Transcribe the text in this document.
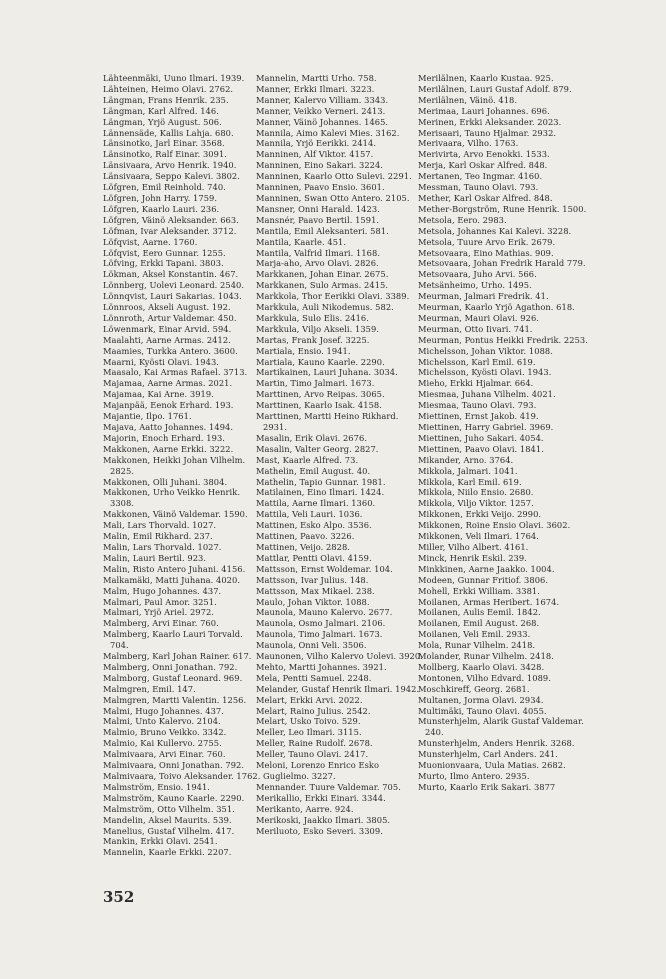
Lähteenmäki, Uuno Ilmari. 1939.
Lähteinen, Heimo Olavi. 2762.
Längman, Frans Henrik. 235.
Längman, Karl Alfred. 146.
Längman, Yrjö August. 506.
Lännensäde, Kallis Lahja. 680.
Länsinotko, Jarl Einar. 3568.
Länsinotko, Ralf Einar. 3091.
Länsivaara, Arvo Henrik. 1940.
Länsivaara, Seppo Kalevi. 3802.
Löfgren, Emil Reinhold. 740.
Löfgren, John Harry. 1759.
Löfgren, Kaarlo Lauri. 236.
Löfgren, Väinö Aleksander. 663.
Löfman, Ivar Aleksander. 3712.
Löfqvist, Aarne. 1760.
Löfqvist, Eero Gunnar. 1255.
Löfving, Erkki Tapani. 3803.
Lökman, Aksel Konstantin. 467.
Lönnberg, Uolevi Leonard. 2540.
Lönnqvist, Lauri Sakarias. 1043.
Lönnroos, Akseli August. 192.
Lönnroth, Artur Valdemar. 450.
Löwenmark, Einar Arvid. 594.
Maalahti, Aarne Armas. 2412.
Maamies, Turkka Antero. 3600.
Maarni, Kyösti Olavi. 1943.
Maasalo, Kai Armas Rafael. 3713.
Majamaa, Aarne Armas. 2021.
Majamaa, Kai Arne. 3919.
Majanpää, Eenok Erhard. 193.
Majantie, Ilpo. 1761.
Majava, Aatto Johannes. 1494.
Majorin, Enoch Erhard. 193.
Makkonen, Aarne Erkki. 3222.
Makkonen, Heikki Johan Vilhelm. 2825.
Makkonen, Olli Juhani. 3804.
Makkonen, Urho Veikko Henrik. 3308.
Makkonen, Väinö Valdemar. 1590.
Mali, Lars Thorvald. 1027.
Malin, Emil Rikhard. 237.
Malin, Lars Thorvald. 1027.
Malin, Lauri Bertil. 923.
Malin, Risto Antero Juhani. 4156.
Malkamäki, Matti Juhana. 4020.
Malm, Hugo Johannes. 437.
Malmari, Paul Amor. 3251.
Malmari, Yrjö Ariel. 2972.
Malmberg, Arvi Einar. 760.
Malmberg, Kaarlo Lauri Torvald. 704.
Malmberg, Karl Johan Rainer. 617.
Malmberg, Onni Jonathan. 792.
Malmborg, Gustaf Leonard. 969.
Malmgren, Emil. 147.
Malmgren, Martti Valentin. 1256.
Malmi, Hugo Johannes. 437.
Malmi, Unto Kalervo. 2104.
Malmio, Bruno Veikko. 3342.
Malmio, Kai Kullervo. 2755.
Malmivaara, Arvi Einar. 760.
Malmivaara, Onni Jonathan. 792.
Malmivaara, Toivo Aleksander. 1762.
Malmström, Ensio. 1941.
Malmström, Kauno Kaarle. 2290.
Malmström, Otto Vilhelm. 351.
Mandelin, Aksel Maurits. 539.
Manelius, Gustaf Vilhelm. 417.
Mankin, Erkki Olavi. 2541.
Mannelin, Kaarle Erkki. 2207.
Mannelin, Martti Urho. 758.
Manner, Erkki Ilmari. 3223.
Manner, Kalervo Villiam. 3343.
Manner, Veikko Verneri. 2413.
Manner, Väinö Johannes. 1465.
Mannila, Aimo Kalevi Mies. 3162.
Mannila, Yrjö Eerikki. 2414.
Manninen, Alf Viktor. 4157.
Manninen, Eino Sakari. 3224.
Manninen, Kaarlo Otto Sulevi. 2291.
Manninen, Paavo Ensio. 3601.
Manninen, Swan Otto Antero. 2105.
Mansner, Onni Harald. 1423.
Mansnér, Paavo Bertil. 1591.
Mantila, Emil Aleksanteri. 581.
Mantila, Kaarle. 451.
Mantila, Valfrid Ilmari. 1168.
Marja-aho, Arvo Olavi. 2826.
Markkanen, Johan Einar. 2675.
Markkanen, Sulo Armas. 2415.
Markkola, Thor Eerikki Olavi. 3389.
Markkula, Auli Nikodemus. 582.
Markkula, Sulo Elis. 2416.
Markkula, Viljo Akseli. 1359.
Martas, Frank Josef. 3225.
Martiala, Ensio. 1941.
Martiala, Kauno Kaarle. 2290.
Martikainen, Lauri Juhana. 3034.
Martin, Timo Jalmari. 1673.
Marttinen, Arvo Reipas. 3065.
Marttinen, Kaarlo Isak. 4158.
Marttinen, Martti Heino Rikhard. 2931.
Masalin, Erik Olavi. 2676.
Masalin, Valter Georg. 2827.
Mast, Kaarle Alfred. 73.
Mathelin, Emil August. 40.
Mathelin, Tapio Gunnar. 1981.
Matilainen, Eino Ilmari. 1424.
Mattila, Aarne Ilmari. 1360.
Mattila, Veli Lauri. 1036.
Mattinen, Esko Alpo. 3536.
Mattinen, Paavo. 3226.
Mattinen, Veijo. 2828.
Mattlar, Pentti Olavi. 4159.
Mattsson, Ernst Woldemar. 104.
Mattsson, Ivar Julius. 148.
Mattsson, Max Mikael. 238.
Maulo, Johan Viktor. 1088.
Maunola, Mauno Kalervo. 2677.
Maunola, Osmo Jalmari. 2106.
Maunola, Timo Jalmari. 1673.
Maunola, Onni Veli. 3506.
Maunonen, Vilho Kalervo Uolevi. 3920.
Mehto, Martti Johannes. 3921.
Mela, Pentti Samuel. 2248.
Melander, Gustaf Henrik Ilmari. 1942.
Melart, Erkki Arvi. 2022.
Melart, Raino Julius. 2542.
Melart, Usko Toivo. 529.
Meller, Leo Ilmari. 3115.
Meller, Raine Rudolf. 2678.
Meller, Tauno Olavi. 2417.
Meloni, Lorenzo Enrico Esko Guglielmo. 3227.
Mennander. Tuure Valdemar. 705.
Merikallio, Erkki Einari. 3344.
Merikanto, Aarre. 924.
Merikoski, Jaakko Ilmari. 3805.
Meriluoto, Esko Severi. 3309.
Merilälnen, Kaarlo Kustaa. 925.
Merilälnen, Lauri Gustaf Adolf. 879.
Merilälnen, Väinö. 418.
Merimaa, Lauri Johannes. 696.
Merinen, Erkki Aleksander. 2023.
Merisaari, Tauno Hjalmar. 2932.
Merivaara, Vilho. 1763.
Merivirta, Arvo Eenokki. 1533.
Merja, Karl Oskar Alfred. 848.
Mertanen, Teo Ingmar. 4160.
Messman, Tauno Olavi. 793.
Mether, Karl Oskar Alfred. 848.
Mether-Borgström, Rune Henrik. 1500.
Metsola, Eero. 2983.
Metsola, Johannes Kai Kalevi. 3228.
Metsola, Tuure Arvo Erik. 2679.
Metsovaara, Eino Mathias. 909.
Metsovaara, Johan Fredrik Harald 779.
Metsovaara, Juho Arvi. 566.
Metsänheimo, Urho. 1495.
Meurman, Jalmari Fredrik. 41.
Meurman, Kaarlo Yrjö Agathon. 618.
Meurman, Mauri Olavi. 926.
Meurman, Otto Iivari. 741.
Meurman, Pontus Heikki Fredrik. 2253.
Michelsson, Johan Viktor. 1088.
Michelsson, Karl Emil. 619.
Michelsson, Kyösti Olavi. 1943.
Mieho, Erkki Hjalmar. 664.
Miesmaa, Juhana Vilhelm. 4021.
Miesmaa, Tauno Olavi. 793.
Miettinen, Ernst Jakob. 419.
Miettinen, Harry Gabriel. 3969.
Miettinen, Juho Sakari. 4054.
Miettinen, Paavo Olavi. 1841.
Mikander, Arno. 3764.
Mikkola, Jalmari. 1041.
Mikkola, Karl Emil. 619.
Mikkola, Niilo Ensio. 2680.
Mikkola, Viljo Viktor. 1257.
Mikkonen, Erkki Veijo. 2990.
Mikkonen, Roine Ensio Olavi. 3602.
Mikkonen, Veli Ilmari. 1764.
Miller, Vilho Albert. 4161.
Minck, Henrik Eskil. 239.
Minkkinen, Aarne Jaakko. 1004.
Modeen, Gunnar Fritiof. 3806.
Mohell, Erkki William. 3381.
Moilanen, Armas Heribert. 1674.
Moilanen, Aulis Eemil. 1842.
Moilanen, Emil August. 268.
Moilanen, Veli Emil. 2933.
Mola, Runar Vilhelm. 2418.
Molander, Runar Vilhelm. 2418.
Mollberg, Kaarlo Olavi. 3428.
Montonen, Vilho Edvard. 1089.
Moschkireff, Georg. 2681.
Multanen, Jorma Olavi. 2934.
Multimäki, Tauno Olavi. 4055.
Munsterhjelm, Alarik Gustaf Valdemar. 240.
Munsterhjelm, Anders Henrik. 3268.
Munsterhjelm, Carl Anders. 241.
Muonionvaara, Uula Matias. 2682.
Murto, Ilmo Antero. 2935.
Murto, Kaarlo Erik Sakari. 3877
352
